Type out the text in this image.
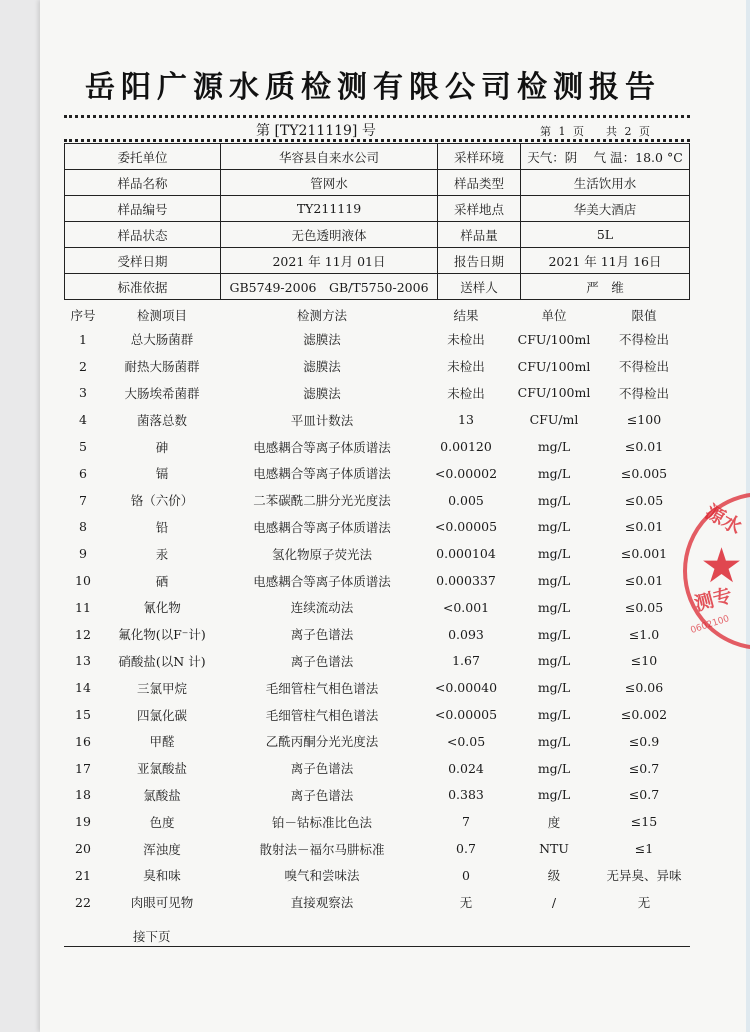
岳阳广源水质检测有限公司检测报告
第 [TY211119] 号	第 1 页　　共 2 页
委托单位	华容县自来水公司	采样环境	天气：阴　 气 温：18.0 °C
样品名称	管网水	样品类型	生活饮用水
样品编号	TY211119	采样地点	华美大酒店
样品状态	无色透明液体	样品量	5L
受样日期	2021 年 11月 01日	报告日期	2021 年 11月 16日
标准依据	GB5749-2006　GB/T5750-2006	送样人	严　维
序号	检测项目	检测方法	结果	单位	限值
1	总大肠菌群	滤膜法	未检出	CFU/100ml	不得检出
2	耐热大肠菌群	滤膜法	未检出	CFU/100ml	不得检出
3	大肠埃希菌群	滤膜法	未检出	CFU/100ml	不得检出
4	菌落总数	平皿计数法	13	CFU/ml	≤100
5	砷	电感耦合等离子体质谱法	0.00120	mg/L	≤0.01
6	镉	电感耦合等离子体质谱法	<0.00002	mg/L	≤0.005
7	铬（六价）	二苯碳酰二肼分光光度法	0.005	mg/L	≤0.05
8	铅	电感耦合等离子体质谱法	<0.00005	mg/L	≤0.01
9	汞	氢化物原子荧光法	0.000104	mg/L	≤0.001
10	硒	电感耦合等离子体质谱法	0.000337	mg/L	≤0.01
11	氰化物	连续流动法	<0.001	mg/L	≤0.05
12	氟化物(以F⁻计)	离子色谱法	0.093	mg/L	≤1.0
13	硝酸盐(以N 计)	离子色谱法	1.67	mg/L	≤10
14	三氯甲烷	毛细管柱气相色谱法	<0.00040	mg/L	≤0.06
15	四氯化碳	毛细管柱气相色谱法	<0.00005	mg/L	≤0.002
16	甲醛	乙酰丙酮分光光度法	<0.05	mg/L	≤0.9
17	亚氯酸盐	离子色谱法	0.024	mg/L	≤0.7
18	氯酸盐	离子色谱法	0.383	mg/L	≤0.7
19	色度	铂－钴标准比色法	7	度	≤15
20	浑浊度	散射法－福尔马肼标准	0.7	NTU	≤1
21	臭和味	嗅气和尝味法	0	级	无异臭、异味
22	肉眼可见物	直接观察法	无	/	无
接下页
★
源水
测专
0602100
